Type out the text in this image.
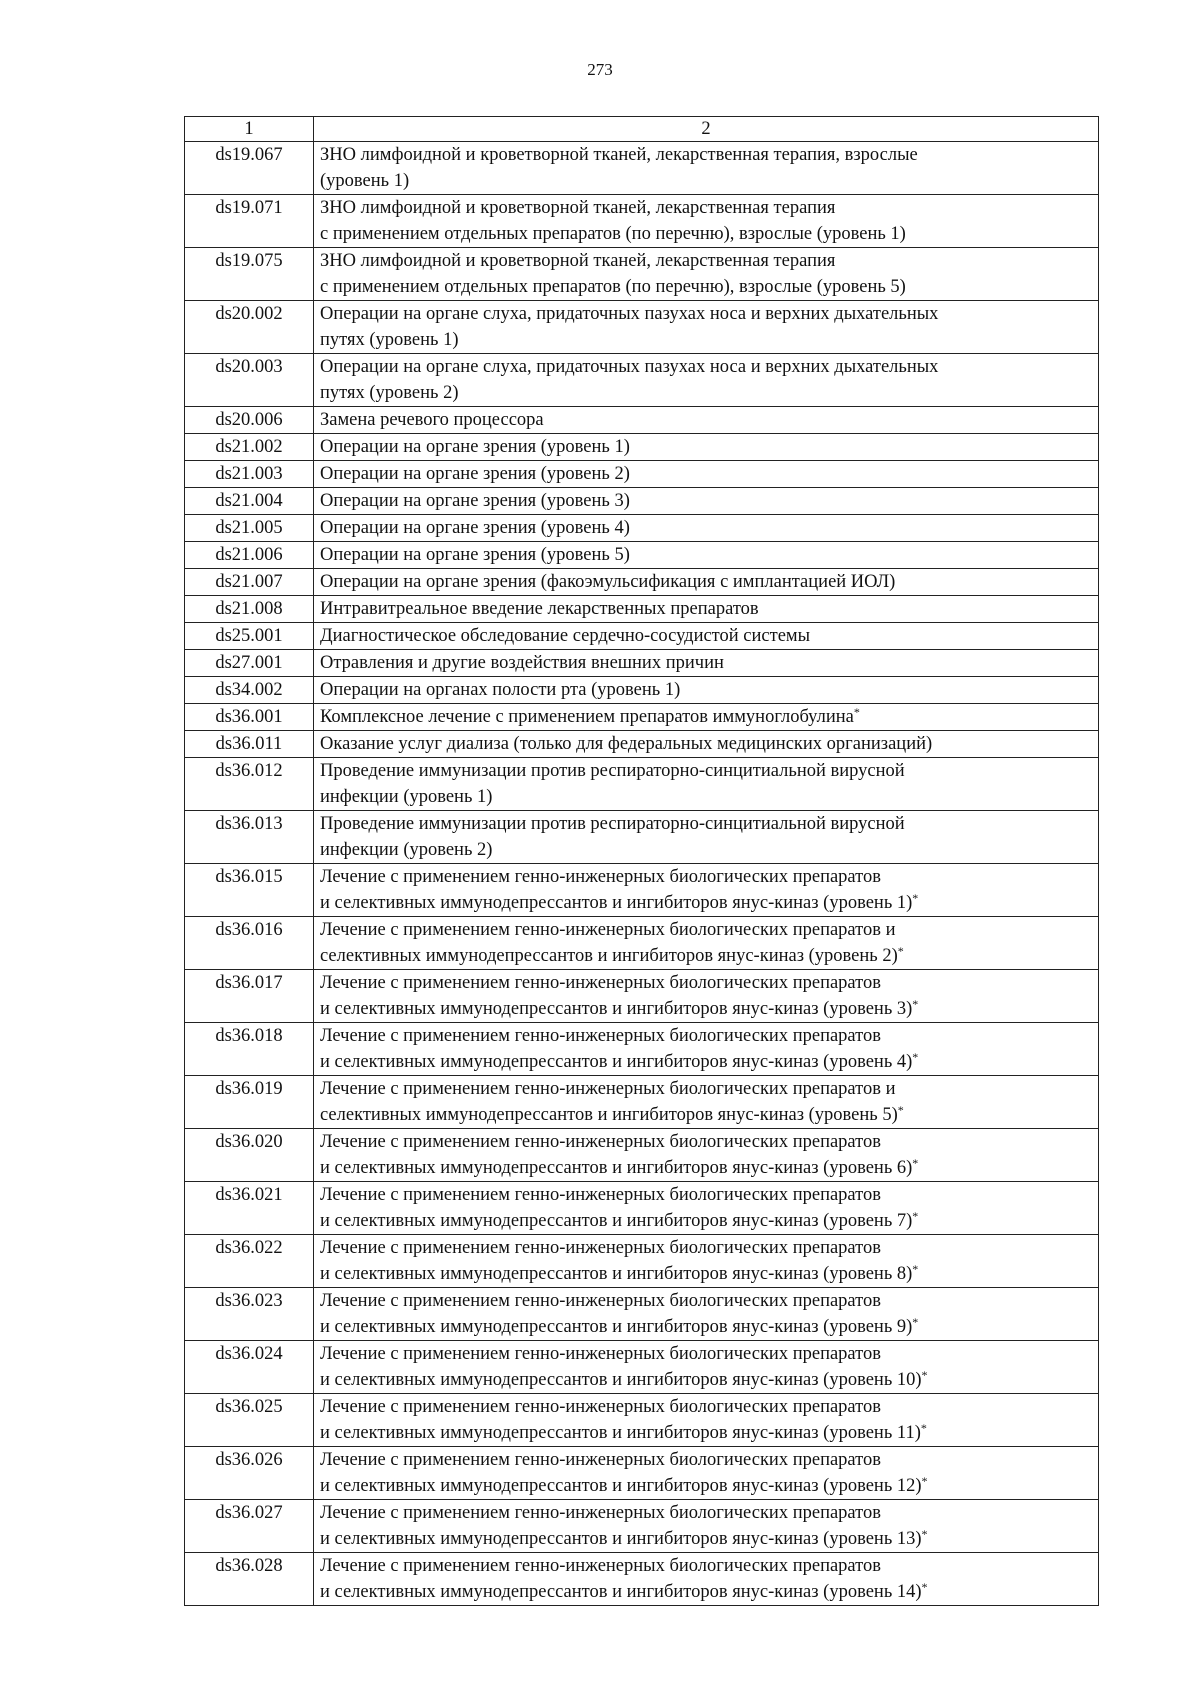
273
1	2
ds19.067	ЗНО лимфоидной и кроветворной тканей, лекарственная терапия, взрослые
(уровень 1)

ds19.071	ЗНО лимфоидной и кроветворной тканей, лекарственная терапия
с применением отдельных препаратов (по перечню), взрослые (уровень 1)

ds19.075	ЗНО лимфоидной и кроветворной тканей, лекарственная терапия
с применением отдельных препаратов (по перечню), взрослые (уровень 5)

ds20.002	Операции на органе слуха, придаточных пазухах носа и верхних дыхательных
путях (уровень 1)

ds20.003	Операции на органе слуха, придаточных пазухах носа и верхних дыхательных
путях (уровень 2)

ds20.006	Замена речевого процессора

ds21.002	Операции на органе зрения (уровень 1)

ds21.003	Операции на органе зрения (уровень 2)

ds21.004	Операции на органе зрения (уровень 3)

ds21.005	Операции на органе зрения (уровень 4)

ds21.006	Операции на органе зрения (уровень 5)

ds21.007	Операции на органе зрения (факоэмульсификация с имплантацией ИОЛ)

ds21.008	Интравитреальное введение лекарственных препаратов

ds25.001	Диагностическое обследование сердечно-сосудистой системы

ds27.001	Отравления и другие воздействия внешних причин

ds34.002	Операции на органах полости рта (уровень 1)

ds36.001	Комплексное лечение с применением препаратов иммуноглобулина*

ds36.011	Оказание услуг диализа (только для федеральных медицинских организаций)

ds36.012	Проведение иммунизации против респираторно-синцитиальной вирусной
инфекции (уровень 1)

ds36.013	Проведение иммунизации против респираторно-синцитиальной вирусной
инфекции (уровень 2)

ds36.015	Лечение с применением генно-инженерных биологических препаратов
и селективных иммунодепрессантов и ингибиторов янус-киназ (уровень 1)*

ds36.016	Лечение с применением генно-инженерных биологических препаратов и
селективных иммунодепрессантов и ингибиторов янус-киназ (уровень 2)*

ds36.017	Лечение с применением генно-инженерных биологических препаратов
и селективных иммунодепрессантов и ингибиторов янус-киназ (уровень 3)*

ds36.018	Лечение с применением генно-инженерных биологических препаратов
и селективных иммунодепрессантов и ингибиторов янус-киназ (уровень 4)*

ds36.019	Лечение с применением генно-инженерных биологических препаратов и
селективных иммунодепрессантов и ингибиторов янус-киназ (уровень 5)*

ds36.020	Лечение с применением генно-инженерных биологических препаратов
и селективных иммунодепрессантов и ингибиторов янус-киназ (уровень 6)*

ds36.021	Лечение с применением генно-инженерных биологических препаратов
и селективных иммунодепрессантов и ингибиторов янус-киназ (уровень 7)*

ds36.022	Лечение с применением генно-инженерных биологических препаратов
и селективных иммунодепрессантов и ингибиторов янус-киназ (уровень 8)*

ds36.023	Лечение с применением генно-инженерных биологических препаратов
и селективных иммунодепрессантов и ингибиторов янус-киназ (уровень 9)*

ds36.024	Лечение с применением генно-инженерных биологических препаратов
и селективных иммунодепрессантов и ингибиторов янус-киназ (уровень 10)*

ds36.025	Лечение с применением генно-инженерных биологических препаратов
и селективных иммунодепрессантов и ингибиторов янус-киназ (уровень 11)*

ds36.026	Лечение с применением генно-инженерных биологических препаратов
и селективных иммунодепрессантов и ингибиторов янус-киназ (уровень 12)*

ds36.027	Лечение с применением генно-инженерных биологических препаратов
и селективных иммунодепрессантов и ингибиторов янус-киназ (уровень 13)*

ds36.028	Лечение с применением генно-инженерных биологических препаратов
и селективных иммунодепрессантов и ингибиторов янус-киназ (уровень 14)*
